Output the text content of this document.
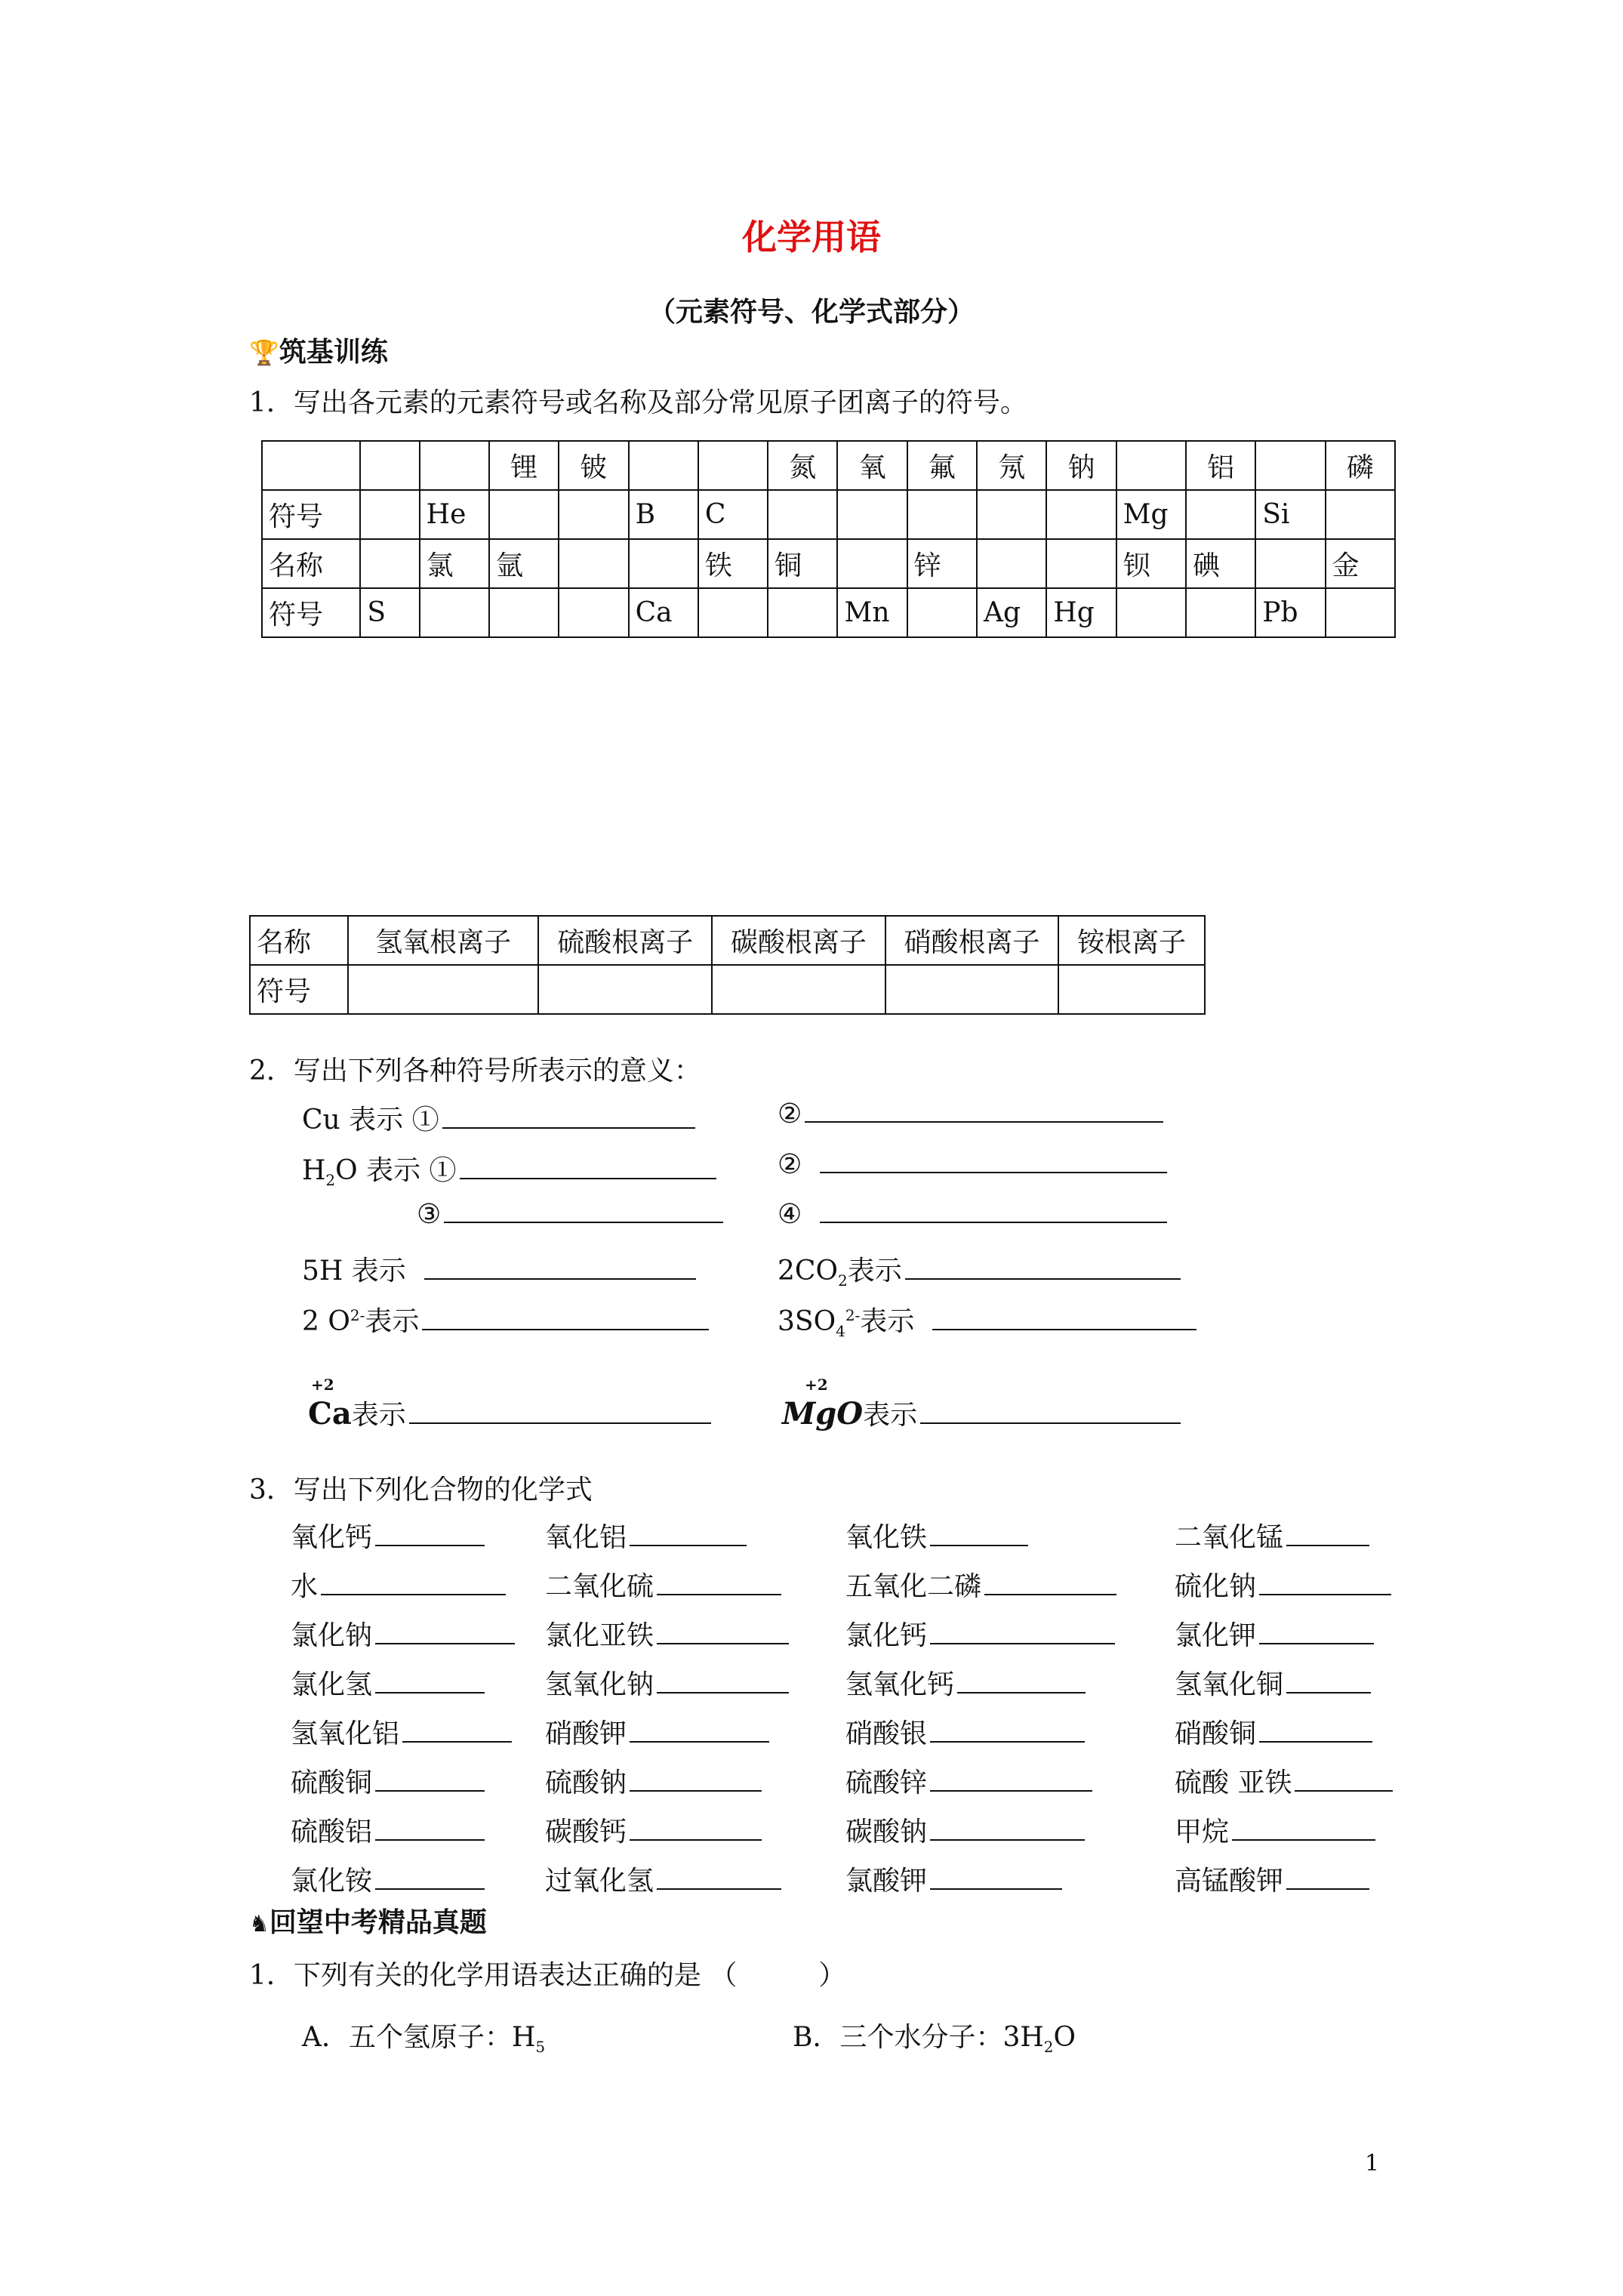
化学用语
（元素符号、化学式部分）
🏆筑基训练
1．写出各元素的元素符号或名称及部分常见原子团离子的符号。
			锂	铍			氮	氧	氟	氖	钠		铝		磷
符号		He			B	C						Mg		Si	
名称		氯	氩			铁	铜		锌			钡	碘		金
符号	S				Ca			Mn		Ag	Hg			Pb	
名称	氢氧根离子	硫酸根离子	碳酸根离子	硝酸根离子	铵根离子
符号					
2．写出下列各种符号所表示的意义：
Cu 表示 ①	②
$H_2O$ 表示 ①	②
③	④
5H 表示	$2CO_2$表示
2 $O^{2-}$表示	$3SO_4^{2-}$表示
+2
Ca表示
+2
MgO表示
3．写出下列化合物的化学式
氧化钙	氧化铝	氧化铁	二氧化锰
水	二氧化硫	五氧化二磷	硫化钠
氯化钠	氯化亚铁	氯化钙	氯化钾
氯化氢	氢氧化钠	氢氧化钙	氢氧化铜
氢氧化铝	硝酸钾	硝酸银	硝酸铜
硫酸铜	硫酸钠	硫酸锌	硫酸 亚铁
硫酸铝	碳酸钙	碳酸钠	甲烷
氯化铵	过氧化氢	氯酸钾	高锰酸钾
♞回望中考精品真题
1．下列有关的化学用语表达正确的是 （　　　）
A．五个氢原子：$H_5$	B．三个水分子：$3H_2O$
1
